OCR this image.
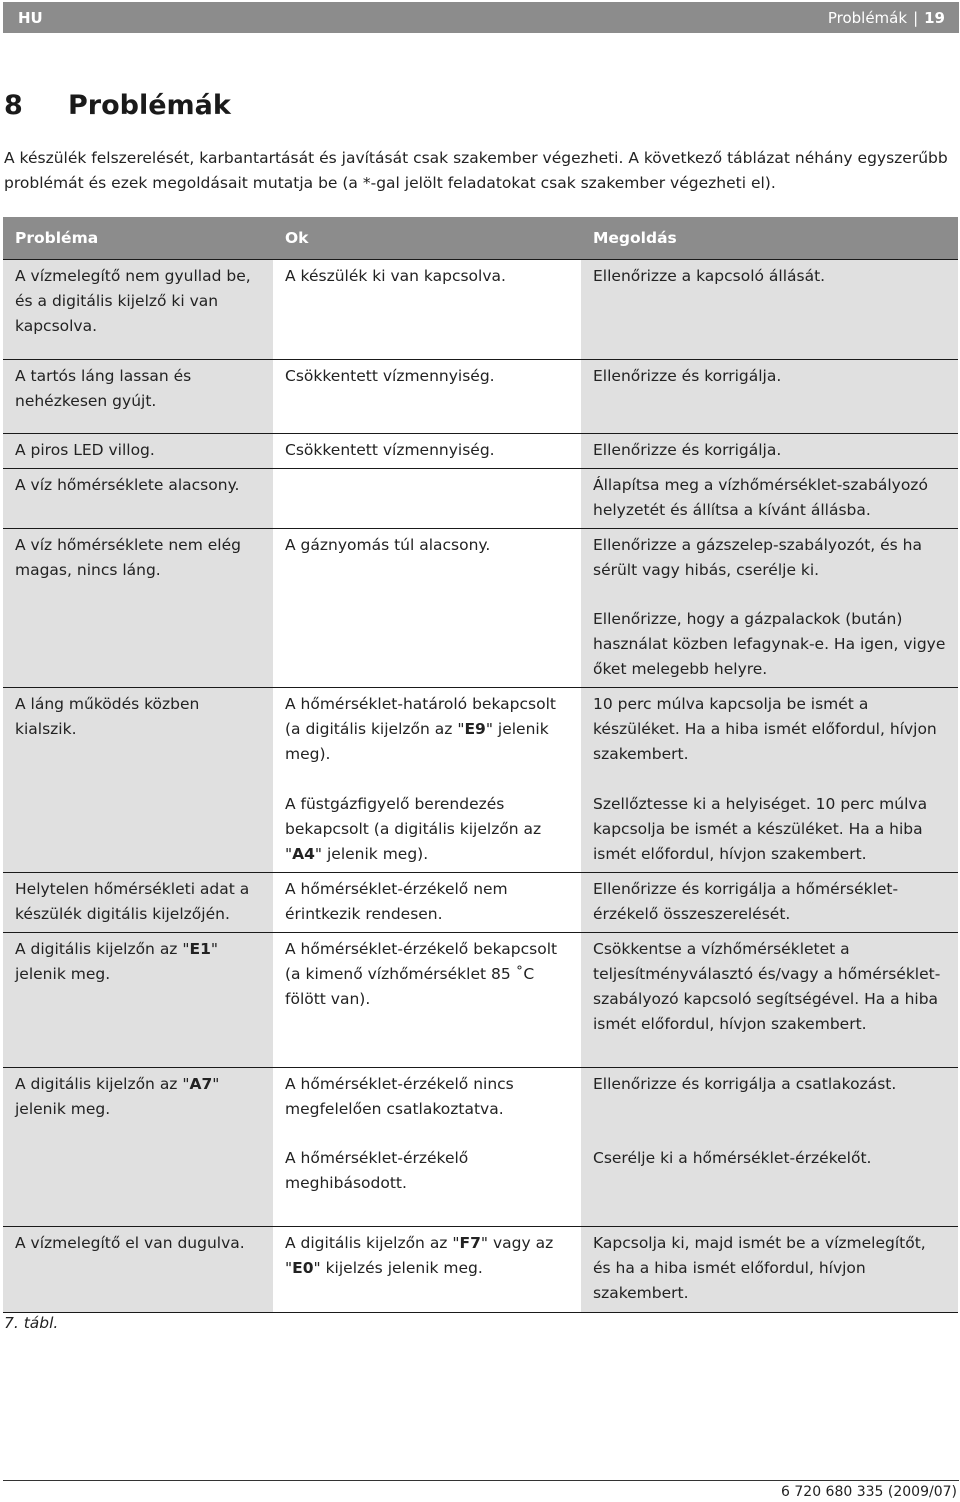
HU	Problémák | 19
8 Problémák
A készülék felszerelését, karbantartását és javítását csak szakember végezheti. A következő táblázat néhány egyszerűbb problémát és ezek megoldásait mutatja be (a *-gal jelölt feladatokat csak szakember végezheti el).
Probléma	Ok	Megoldás
A vízmelegítő nem gyullad be, és a digitális kijelző ki van kapcsolva.	A készülék ki van kapcsolva.	Ellenőrizze a kapcsoló állását.
A tartós láng lassan és nehézkesen gyújt.	Csökkentett vízmennyiség.	Ellenőrizze és korrigálja.
A piros LED villog.	Csökkentett vízmennyiség.	Ellenőrizze és korrigálja.
A víz hőmérséklete alacsony.		Állapítsa meg a vízhőmérséklet-szabályozó helyzetét és állítsa a kívánt állásba.
A víz hőmérséklete nem elég magas, nincs láng.	A gáznyomás túl alacsony.	Ellenőrizze a gázszelep-szabályozót, és ha sérült vagy hibás, cserélje ki.
		Ellenőrizze, hogy a gázpalackok (bután) használat közben lefagynak-e. Ha igen, vigye őket melegebb helyre.
A láng működés közben kialszik.	A hőmérséklet-határoló bekapcsolt (a digitális kijelzőn az "E9" jelenik meg).	10 perc múlva kapcsolja be ismét a készüléket. Ha a hiba ismét előfordul, hívjon szakembert.
	A füstgázfigyelő berendezés bekapcsolt (a digitális kijelzőn az "A4" jelenik meg).	Szellőztesse ki a helyiséget. 10 perc múlva kapcsolja be ismét a készüléket. Ha a hiba ismét előfordul, hívjon szakembert.
Helytelen hőmérsékleti adat a készülék digitális kijelzőjén.	A hőmérséklet-érzékelő nem érintkezik rendesen.	Ellenőrizze és korrigálja a hőmérséklet-érzékelő összeszerelését.
A digitális kijelzőn az "E1" jelenik meg.	A hőmérséklet-érzékelő bekapcsolt (a kimenő vízhőmérséklet 85 ˚C fölött van).	Csökkentse a vízhőmérsékletet a teljesítményválasztó és/vagy a hőmérséklet-szabályozó kapcsoló segítségével. Ha a hiba ismét előfordul, hívjon szakembert.
A digitális kijelzőn az "A7" jelenik meg.	A hőmérséklet-érzékelő nincs megfelelően csatlakoztatva.	Ellenőrizze és korrigálja a csatlakozást.
	A hőmérséklet-érzékelő meghibásodott.	Cserélje ki a hőmérséklet-érzékelőt.
A vízmelegítő el van dugulva.	A digitális kijelzőn az "F7" vagy az "E0" kijelzés jelenik meg.	Kapcsolja ki, majd ismét be a vízmelegítőt, és ha a hiba ismét előfordul, hívjon szakembert.
7. tábl.
6 720 680 335 (2009/07)
